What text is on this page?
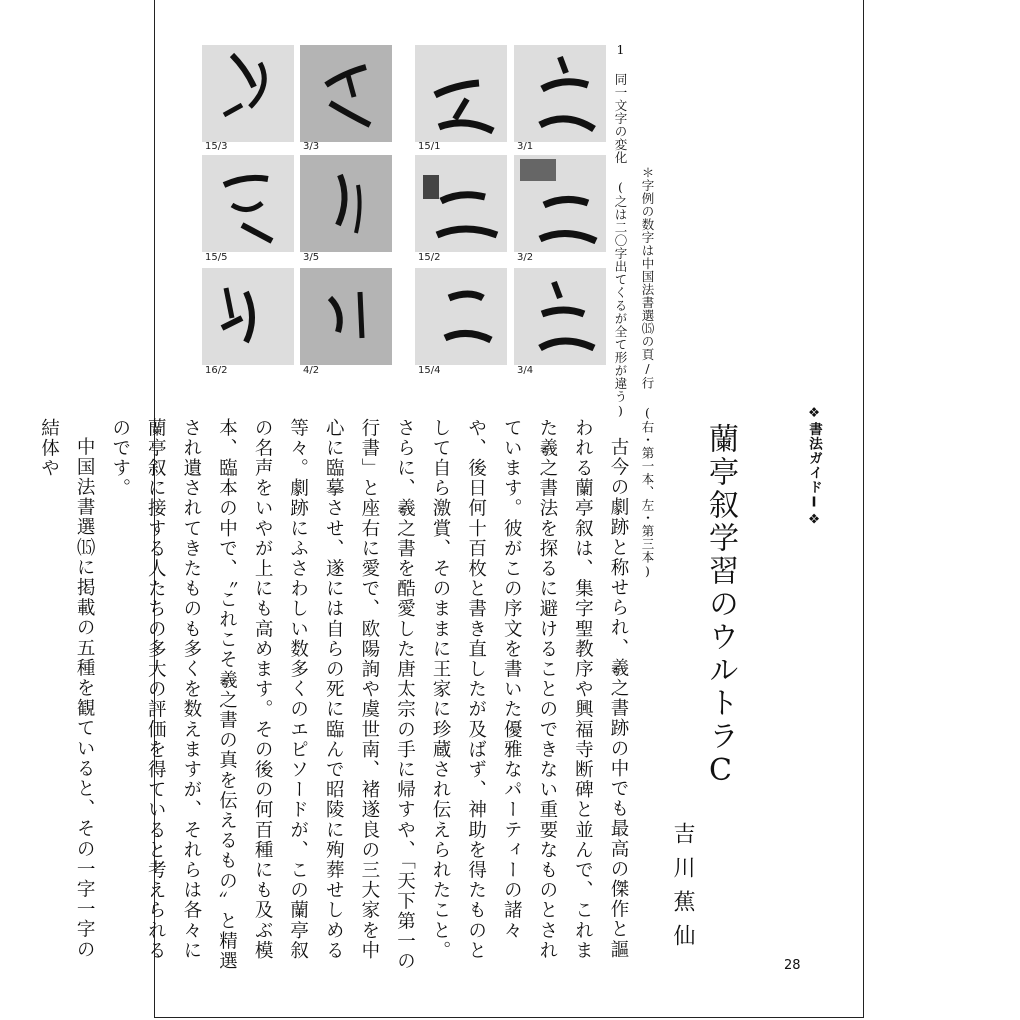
15/3	3/3	15/1	3/1
15/5	3/5	15/2	3/2
16/2	4/2	15/4	3/4	1 同一文字の変化 (之は二〇字出てくるが全て形が違う) ＊字例の数字は中国法書選⒂の頁/行 (右・第一本、左・第三本)	❖書法ガイドⅠ❖
蘭亭叙学習のウルトラC
吉川蕉仙

古今の劇跡と称せられ、羲之書跡の中でも最高の傑作と謳われる蘭亭叙は、集字聖教序や興福寺断碑と並んで、これまた羲之書法を探るに避けることのできない重要なものとされています。彼がこの序文を書いた優雅なパーティーの諸々や、後日何十百枚と書き直したが及ばず、神助を得たものとして自ら激賞、そのままに王家に珍蔵され伝えられたこと。さらに、羲之書を酷愛した唐太宗の手に帰すや、「天下第一の行書」と座右に愛で、欧陽詢や虞世南、褚遂良の三大家を中心に臨摹させ、遂には自らの死に臨んで昭陵に殉葬せしめる等々。劇跡にふさわしい数多くのエピソードが、この蘭亭叙の名声をいやが上にも高めます。その後の何百種にも及ぶ模本、臨本の中で、〝これこそ羲之書の真を伝えるもの〟と精選され遺されてきたものも多くを数えますが、それらは各々に蘭亭叙に接する人たちの多大の評価を得ていると考えられるのです。

中国法書選⒂に掲載の五種を観ていると、その一字一字の結体や

28
